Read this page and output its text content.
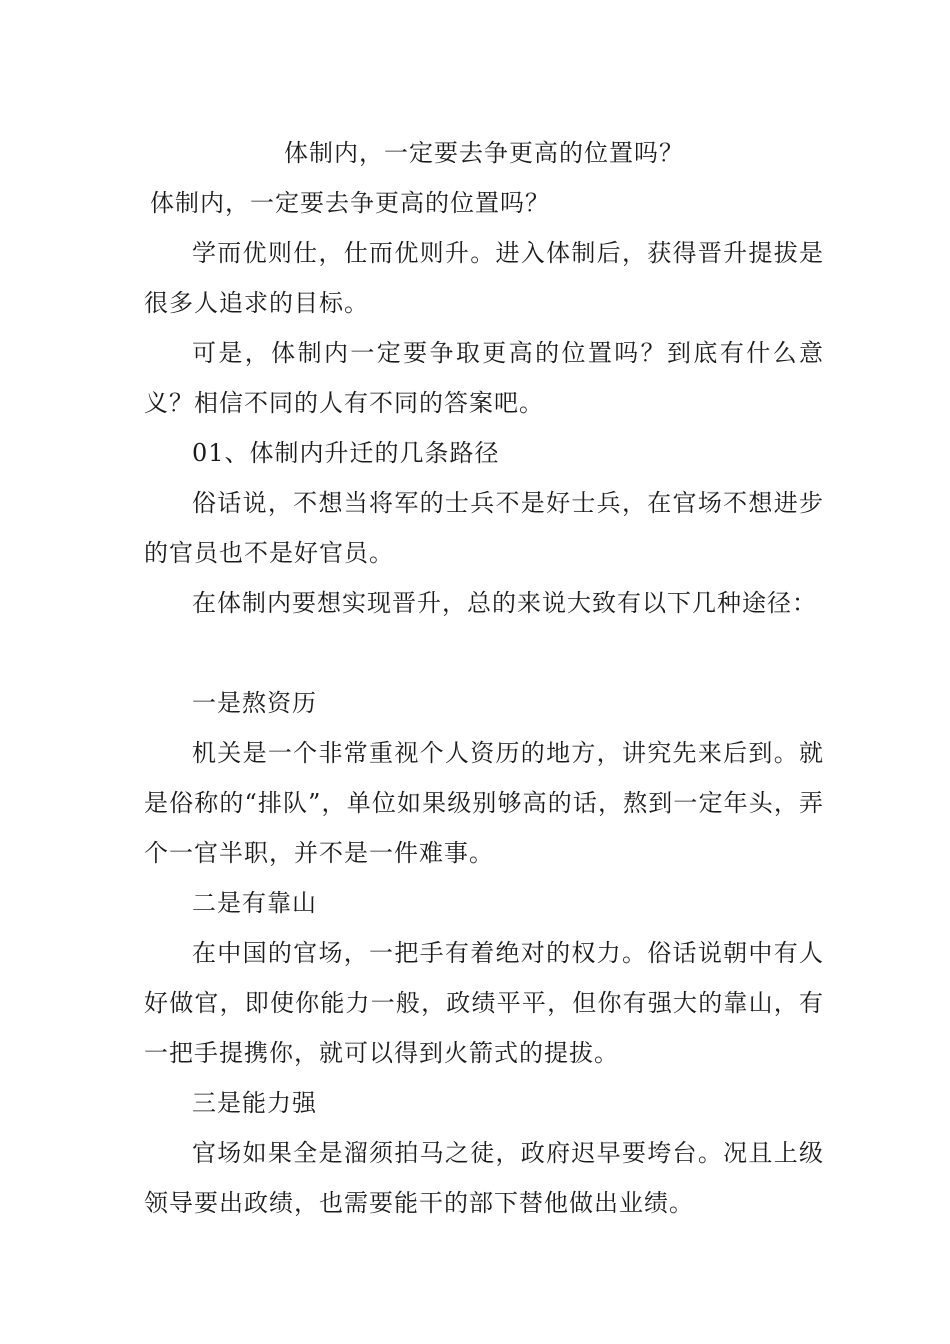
体制内，一定要去争更高的位置吗？

体制内，一定要去争更高的位置吗？

学而优则仕，仕而优则升。进入体制后，获得晋升提拔是很多人追求的目标。

可是，体制内一定要争取更高的位置吗？到底有什么意义？相信不同的人有不同的答案吧。

01、体制内升迁的几条路径

俗话说，不想当将军的士兵不是好士兵，在官场不想进步的官员也不是好官员。

在体制内要想实现晋升，总的来说大致有以下几种途径：

一是熬资历

机关是一个非常重视个人资历的地方，讲究先来后到。就是俗称的“排队”，单位如果级别够高的话，熬到一定年头，弄个一官半职，并不是一件难事。

二是有靠山

在中国的官场，一把手有着绝对的权力。俗话说朝中有人好做官，即使你能力一般，政绩平平，但你有强大的靠山，有一把手提携你，就可以得到火箭式的提拔。

三是能力强

官场如果全是溜须拍马之徒，政府迟早要垮台。况且上级领导要出政绩，也需要能干的部下替他做出业绩。
